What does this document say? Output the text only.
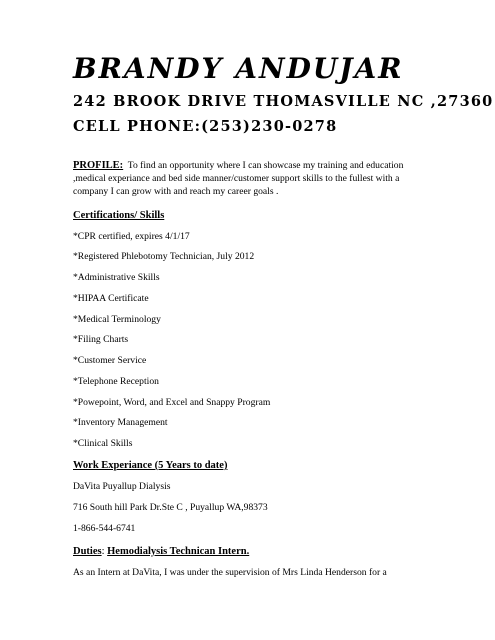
BRANDY ANDUJAR
242 BROOK DRIVE THOMASVILLE NC ,27360
CELL PHONE:(253)230-0278
PROFILE: To find an opportunity where I can showcase my training and education
,medical experiance and bed side manner/customer support skills to the fullest with a
company I can grow with and reach my career goals .
Certifications/ Skills
*CPR certified, expires 4/1/17
*Registered Phlebotomy Technician, July 2012
*Administrative Skills
*HIPAA Certificate
*Medical Terminology
*Filing Charts
*Customer Service
*Telephone Reception
*Powepoint, Word, and Excel and Snappy Program
*Inventory Management
*Clinical Skills
Work Experiance (5 Years to date)
DaVita Puyallup Dialysis
716 South hill Park Dr.Ste C , Puyallup WA,98373
1-866-544-6741
Duties: Hemodialysis Technican Intern.
As an Intern at DaVita, I was under the supervision of Mrs Linda Henderson for a
